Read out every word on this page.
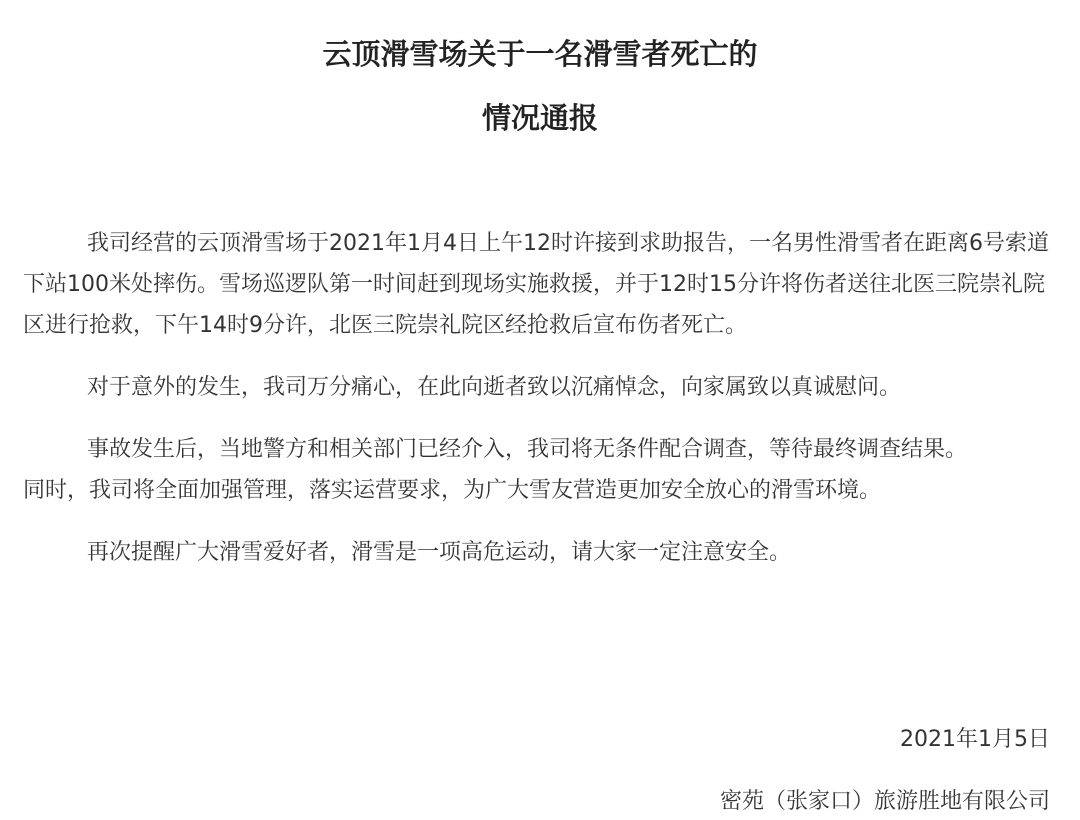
云顶滑雪场关于一名滑雪者死亡的
情况通报

我司经营的云顶滑雪场于2021年1月4日上午12时许接到求助报告，一名男性滑雪者在距离6号索道下站100米处摔伤。雪场巡逻队第一时间赶到现场实施救援，并于12时15分许将伤者送往北医三院崇礼院区进行抢救，下午14时9分许，北医三院崇礼院区经抢救后宣布伤者死亡。

对于意外的发生，我司万分痛心，在此向逝者致以沉痛悼念，向家属致以真诚慰问。

事故发生后，当地警方和相关部门已经介入，我司将无条件配合调查，等待最终调查结果。

同时，我司将全面加强管理，落实运营要求，为广大雪友营造更加安全放心的滑雪环境。

再次提醒广大滑雪爱好者，滑雪是一项高危运动，请大家一定注意安全。

2021年1月5日

密苑（张家口）旅游胜地有限公司
